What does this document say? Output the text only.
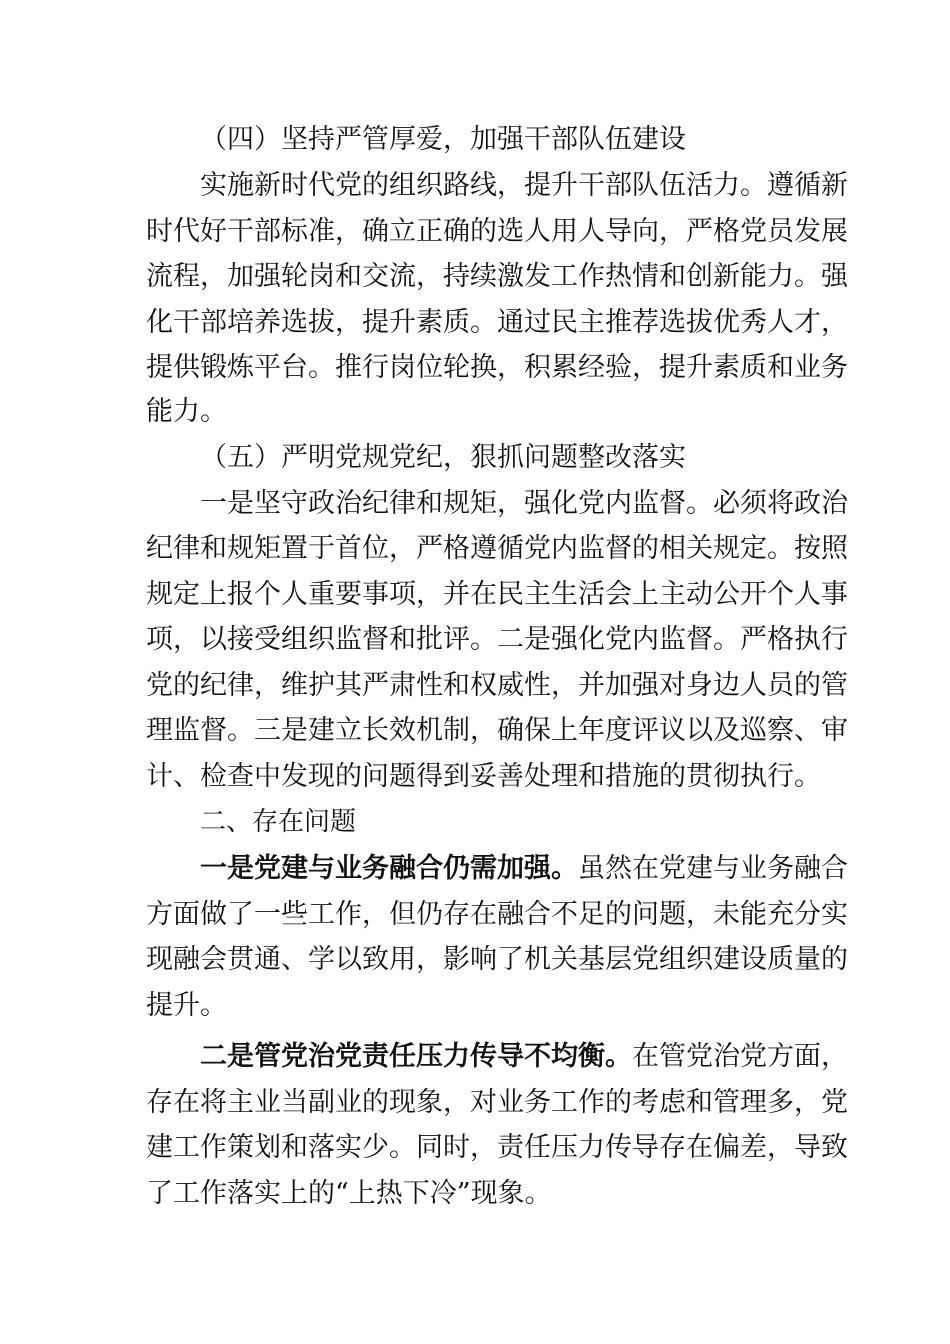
（四）坚持严管厚爱，加强干部队伍建设
实施新时代党的组织路线，提升干部队伍活力。遵循新
时代好干部标准，确立正确的选人用人导向，严格党员发展
流程，加强轮岗和交流，持续激发工作热情和创新能力。强
化干部培养选拔，提升素质。通过民主推荐选拔优秀人才，
提供锻炼平台。推行岗位轮换，积累经验，提升素质和业务
能力。
（五）严明党规党纪，狠抓问题整改落实
一是坚守政治纪律和规矩，强化党内监督。必须将政治
纪律和规矩置于首位，严格遵循党内监督的相关规定。按照
规定上报个人重要事项，并在民主生活会上主动公开个人事
项，以接受组织监督和批评。二是强化党内监督。严格执行
党的纪律，维护其严肃性和权威性，并加强对身边人员的管
理监督。三是建立长效机制，确保上年度评议以及巡察、审
计、检查中发现的问题得到妥善处理和措施的贯彻执行。
二、存在问题
一是党建与业务融合仍需加强。虽然在党建与业务融合
方面做了一些工作，但仍存在融合不足的问题，未能充分实
现融会贯通、学以致用，影响了机关基层党组织建设质量的
提升。
二是管党治党责任压力传导不均衡。在管党治党方面，
存在将主业当副业的现象，对业务工作的考虑和管理多，党
建工作策划和落实少。同时，责任压力传导存在偏差，导致
了工作落实上的“上热下冷”现象。
